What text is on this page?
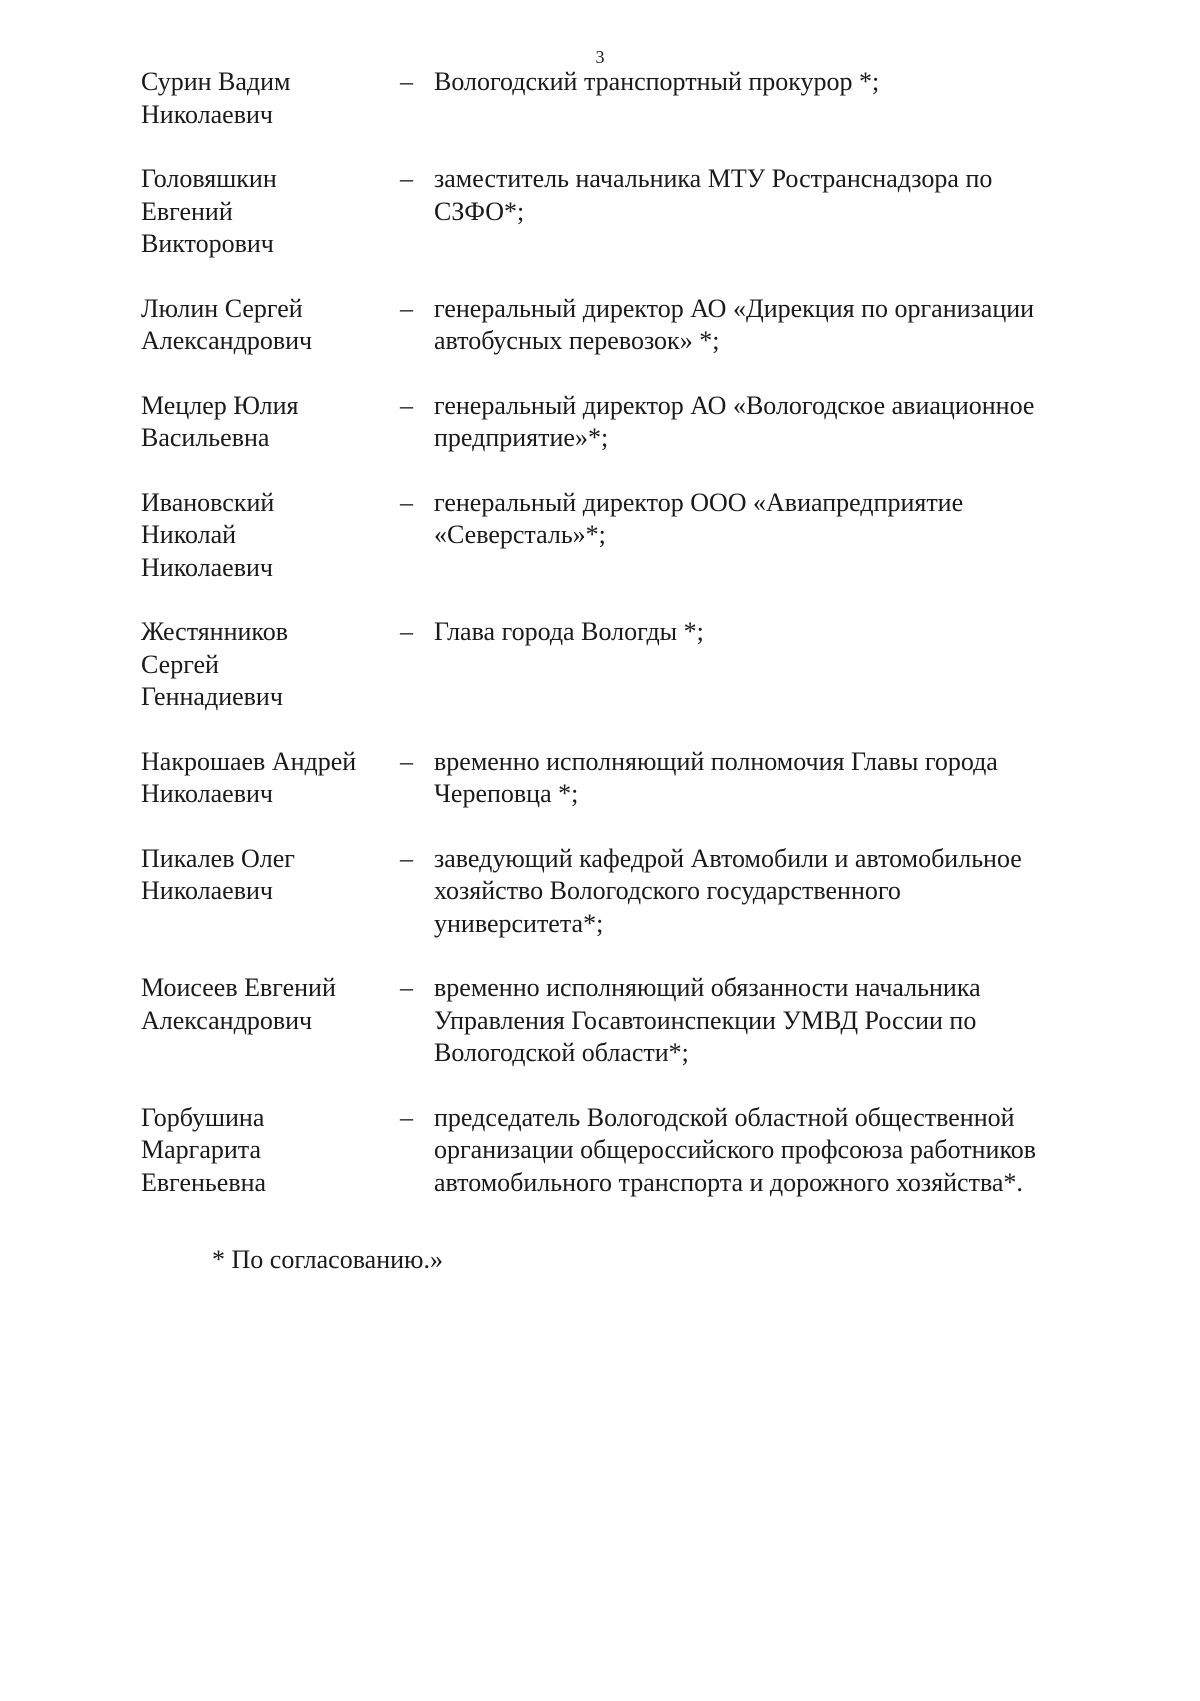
3
Сурин Вадим
Николаевич
– Вологодский транспортный прокурор *;
Головяшкин
Евгений
Викторович
– заместитель начальника МТУ Ространснадзора по
СЗФО*;
Люлин Сергей
Александрович
– генеральный директор АО «Дирекция по организации
автобусных перевозок» *;
Мецлер Юлия
Васильевна
– генеральный директор АО «Вологодское авиационное
предприятие»*;
Ивановский
Николай
Николаевич
– генеральный директор ООО «Авиапредприятие
«Северсталь»*;
Жестянников
Сергей
Геннадиевич
– Глава города Вологды *;
Накрошаев Андрей
Николаевич
– временно исполняющий полномочия Главы города
Череповца *;
Пикалев Олег
Николаевич
– заведующий кафедрой Автомобили и автомобильное
хозяйство Вологодского государственного
университета*;
Моисеев Евгений
Александрович
– временно исполняющий обязанности начальника
Управления Госавтоинспекции УМВД России по
Вологодской области*;
Горбушина
Маргарита
Евгеньевна
– председатель Вологодской областной общественной
организации общероссийского профсоюза работников
автомобильного транспорта и дорожного хозяйства*.
* По согласованию.»
